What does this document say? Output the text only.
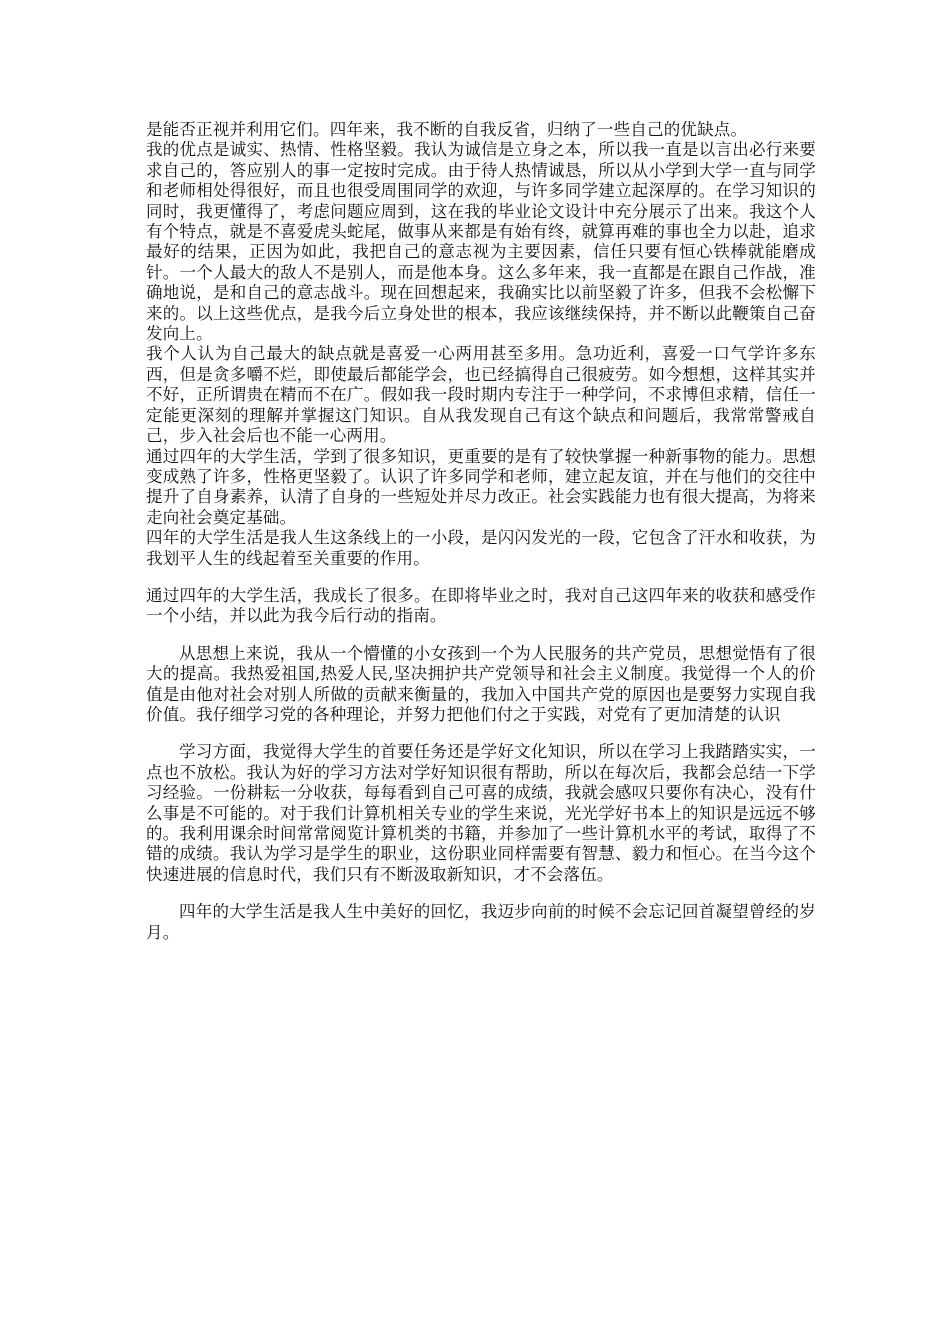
是能否正视并利用它们。四年来，我不断的自我反省，归纳了一些自己的优缺点。

我的优点是诚实、热情、性格坚毅。我认为诚信是立身之本，所以我一直是以言出必行来要求自己的，答应别人的事一定按时完成。由于待人热情诚恳，所以从小学到大学一直与同学和老师相处得很好，而且也很受周围同学的欢迎，与许多同学建立起深厚的。在学习知识的同时，我更懂得了，考虑问题应周到，这在我的毕业论文设计中充分展示了出来。我这个人有个特点，就是不喜爱虎头蛇尾，做事从来都是有始有终，就算再难的事也全力以赴，追求最好的结果，正因为如此，我把自己的意志视为主要因素，信任只要有恒心铁棒就能磨成针。一个人最大的敌人不是别人，而是他本身。这么多年来，我一直都是在跟自己作战，准确地说，是和自己的意志战斗。现在回想起来，我确实比以前坚毅了许多，但我不会松懈下来的。以上这些优点，是我今后立身处世的根本，我应该继续保持，并不断以此鞭策自己奋发向上。

我个人认为自己最大的缺点就是喜爱一心两用甚至多用。急功近利，喜爱一口气学许多东西，但是贪多嚼不烂，即使最后都能学会，也已经搞得自己很疲劳。如今想想，这样其实并不好，正所谓贵在精而不在广。假如我一段时期内专注于一种学问，不求博但求精，信任一定能更深刻的理解并掌握这门知识。自从我发现自己有这个缺点和问题后，我常常警戒自己，步入社会后也不能一心两用。

通过四年的大学生活，学到了很多知识，更重要的是有了较快掌握一种新事物的能力。思想变成熟了许多，性格更坚毅了。认识了许多同学和老师，建立起友谊，并在与他们的交往中提升了自身素养，认清了自身的一些短处并尽力改正。社会实践能力也有很大提高，为将来走向社会奠定基础。

四年的大学生活是我人生这条线上的一小段，是闪闪发光的一段，它包含了汗水和收获，为我划平人生的线起着至关重要的作用。

通过四年的大学生活，我成长了很多。在即将毕业之时，我对自己这四年来的收获和感受作一个小结，并以此为我今后行动的指南。

从思想上来说，我从一个懵懂的小女孩到一个为人民服务的共产党员，思想觉悟有了很大的提高。我热爱祖国,热爱人民,坚决拥护共产党领导和社会主义制度。我觉得一个人的价值是由他对社会对别人所做的贡献来衡量的，我加入中国共产党的原因也是要努力实现自我价值。我仔细学习党的各种理论，并努力把他们付之于实践，对党有了更加清楚的认识

学习方面，我觉得大学生的首要任务还是学好文化知识，所以在学习上我踏踏实实，一点也不放松。我认为好的学习方法对学好知识很有帮助，所以在每次后，我都会总结一下学习经验。一份耕耘一分收获，每每看到自己可喜的成绩，我就会感叹只要你有决心，没有什么事是不可能的。对于我们计算机相关专业的学生来说，光光学好书本上的知识是远远不够的。我利用课余时间常常阅览计算机类的书籍，并参加了一些计算机水平的考试，取得了不错的成绩。我认为学习是学生的职业，这份职业同样需要有智慧、毅力和恒心。在当今这个快速进展的信息时代，我们只有不断汲取新知识，才不会落伍。

四年的大学生活是我人生中美好的回忆，我迈步向前的时候不会忘记回首凝望曾经的岁月。
